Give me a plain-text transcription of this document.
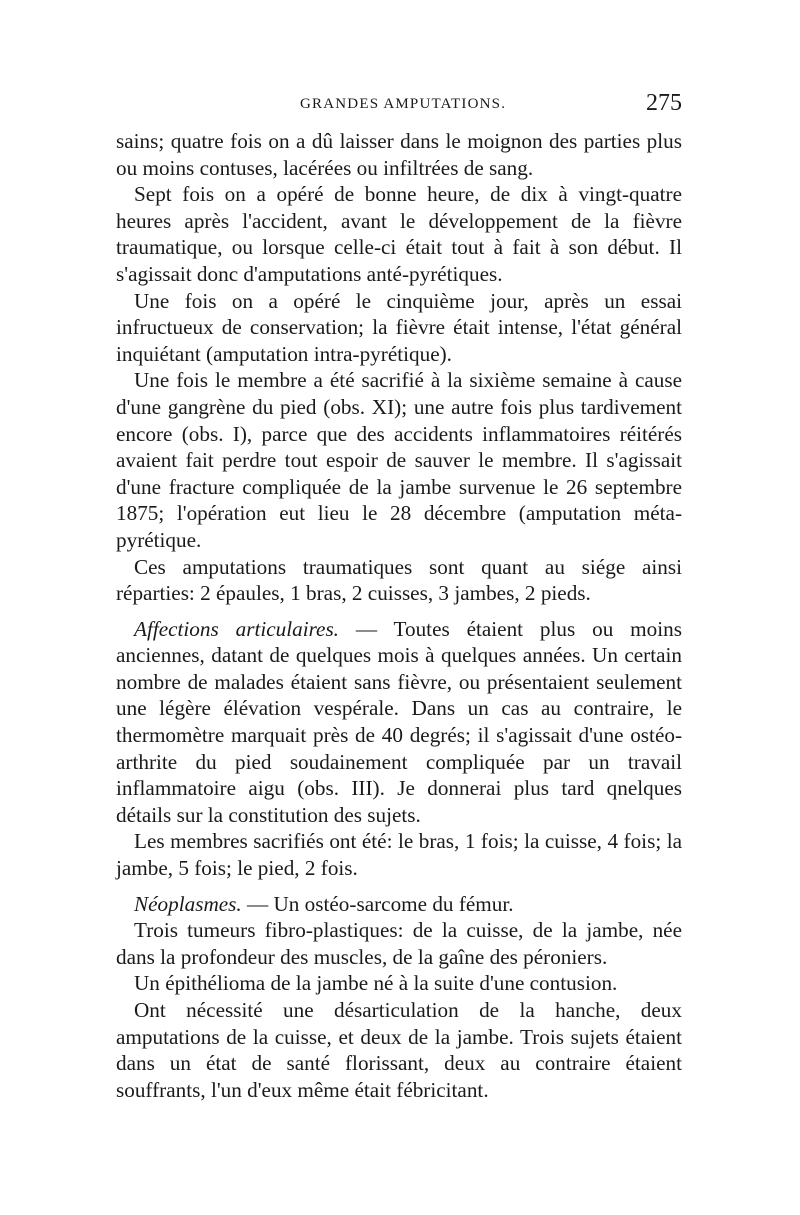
GRANDES AMPUTATIONS.	275

sains; quatre fois on a dû laisser dans le moignon des parties plus ou moins contuses, lacérées ou infiltrées de sang.

Sept fois on a opéré de bonne heure, de dix à vingt-quatre heures après l'accident, avant le développement de la fièvre traumatique, ou lorsque celle-ci était tout à fait à son début. Il s'agissait donc d'amputations anté-pyrétiques.

Une fois on a opéré le cinquième jour, après un essai infructueux de conservation; la fièvre était intense, l'état général inquiétant (amputation intra-pyrétique).

Une fois le membre a été sacrifié à la sixième semaine à cause d'une gangrène du pied (obs. XI); une autre fois plus tardivement encore (obs. I), parce que des accidents inflammatoires réitérés avaient fait perdre tout espoir de sauver le membre. Il s'agissait d'une fracture compliquée de la jambe survenue le 26 septembre 1875; l'opération eut lieu le 28 décembre (amputation méta-pyrétique.

Ces amputations traumatiques sont quant au siége ainsi réparties: 2 épaules, 1 bras, 2 cuisses, 3 jambes, 2 pieds.

Affections articulaires. — Toutes étaient plus ou moins anciennes, datant de quelques mois à quelques années. Un certain nombre de malades étaient sans fièvre, ou présentaient seulement une légère élévation vespérale. Dans un cas au contraire, le thermomètre marquait près de 40 degrés; il s'agissait d'une ostéo-arthrite du pied soudainement compliquée par un travail inflammatoire aigu (obs. III). Je donnerai plus tard qnelques détails sur la constitution des sujets.

Les membres sacrifiés ont été: le bras, 1 fois; la cuisse, 4 fois; la jambe, 5 fois; le pied, 2 fois.

Néoplasmes. — Un ostéo-sarcome du fémur.

Trois tumeurs fibro-plastiques: de la cuisse, de la jambe, née dans la profondeur des muscles, de la gaîne des péroniers.

Un épithélioma de la jambe né à la suite d'une contusion.

Ont nécessité une désarticulation de la hanche, deux amputations de la cuisse, et deux de la jambe. Trois sujets étaient dans un état de santé florissant, deux au contraire étaient souffrants, l'un d'eux même était fébricitant.
